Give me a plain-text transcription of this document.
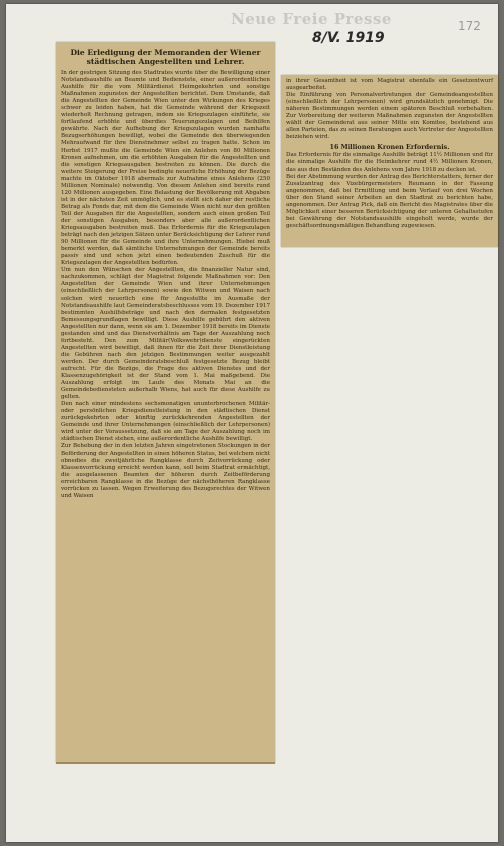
Neue Freie Presse
8/V. 1919
172
Die Erledigung der Memoranden der Wiener städtischen Angestellten und Lehrer.

In der gestrigen Sitzung des Stadtrates wurde über die Bewilligung einer Notstandsaushilfe an Beamte und Bedienstete, einer außerordentlichen Aushilfe für die vom Militärdienst Heimgekehrten und sonstige Maßnahmen zugunsten der Angestellten berichtet. Dem Umstande, daß die Angestellten der Gemeinde Wien unter den Wirkungen des Krieges schwer zu leiden haben, hat die Gemeinde während der Kriegszeit wiederholt Rechnung getragen, indem sie Kriegszulagen einführte, sie fortlaufend erhöhte und überdies Teuerungszulagen und Beihilfen gewährte. Nach der Aufhebung der Kriegszulagen wurden namhafte Bezugserhöhungen bewilligt, wobei die Gemeinde den überwiegenden Mehraufwand für ihre Dienstnehmer selbst zu tragen hatte. Schon im Herbst 1917 mußte die Gemeinde Wien ein Anlehen von 80 Millionen Kronen aufnehmen, um die erhöhten Ausgaben für die Angestellten und die sonstigen Kriegsausgaben bestreiten zu können. Die durch die weitere Steigerung der Preise bedingte neuerliche Erhöhung der Bezüge machte im Oktober 1918 abermals zur Aufnahme eines Anlehens (250 Millionen Nominale) notwendig. Von diesem Anlehen sind bereits rund 120 Millionen ausgegeben. Eine Belastung der Bevölkerung mit Abgaben ist in der nächsten Zeit unmöglich, und es stellt sich daher der restliche Betrag als Fonds dar, mit dem die Gemeinde Wien nicht nur den größten Teil der Ausgaben für die Angestellten, sondern auch einen großen Teil der sonstigen Ausgaben, besonders aber alle außerordentlichen Kriegsausgaben bestreiten muß. Das Erfordernis für die Kriegszulagen beträgt nach den jetzigen Sätzen unter Berücksichtigung der Lehrer rund 90 Millionen für die Gemeinde und ihre Unternehmungen. Hiebei muß bemerkt werden, daß sämtliche Unternehmungen der Gemeinde bereits passiv sind und schon jetzt einen bedeutenden Zuschuß für die Kriegszulagen der Angestellten bedürfen.
Um nun den Wünschen der Angestellten, die finanzieller Natur sind, nachzukommen, schlägt der Magistrat folgende Maßnahmen vor: Den Angestellten der Gemeinde Wien und ihrer Unternehmungen (einschließlich der Lehrpersonen) sowie den Witwen und Waisen nach solchen wird neuerlich eine für Angestellte im Ausmaße der Notstandsaushilfe laut Gemeinderatsbeschlusses vom 19. Dezember 1917 bestimmten Aushilfsbeträge und nach den dermalen festgesetzten Bemessungsgrundlagen bewilligt. Diese Aushilfe gebührt den aktiven Angestellten nur dann, wenn sie am 1. Dezember 1918 bereits im Dienste gestanden sind und das Dienstverhältnis am Tage der Auszahlung noch fortbesteht. Den zum Militär(Volkswehr)dienste eingerückten Angestellten wird bewilligt, daß ihnen für die Zeit ihrer Dienstleistung die Gebühren nach den jetzigen Bestimmungen weiter ausgezahlt werden. Der durch Gemeinderatsbeschluß festgesetzte Bezug bleibt aufrecht. Für die Bezüge, die Frage des aktiven Dienstes und der Klassenzugehörigkeit ist der Stand vom 1. Mai maßgebend. Die Auszahlung erfolgt im Laufe des Monats Mai an die Gemeindebediensteten außerhalb Wiens, hat auch für diese Aushilfe zu gelten.
Den nach einer mindestens sechsmonatigen ununterbrochenen Militär- oder persönlichen Kriegsdienstleistung in den städtischen Dienst zurückgekehrten oder künftig zurückkehrenden Angestellten der Gemeinde und ihrer Unternehmungen (einschließlich der Lehrpersonen) wird unter der Voraussetzung, daß sie am Tage der Auszahlung noch im städtischen Dienst stehen, eine außerordentliche Aushilfe bewilligt.
Zur Behebung der in den letzten Jahren eingetretenen Stockungen in der Beförderung der Angestellten in einen höheren Status, bei welchem nicht obnedies die zweitjährliche Rangklasse durch Zeitvorrückung oder Klassenvorrückung erreicht werden kann, soll beim Stadtrat ermächtigt, die ausgelassenen Beamten der höheren durch Zeitbeförderung erreichbaren Rangklasse in die Bezüge der nächsthöheren Rangklasse vorrücken zu lassen. Wegen Erweiterung des Bezugsrechtes der Witwen und Waisen

in ihrer Gesamtheit ist vom Magistrat ebenfalls ein Gesetzentwurf ausgearbeitet.
Die Einführung von Personalvertretungen der Gemeindeangestellten (einschließlich der Lehrpersonen) wird grundsätzlich genehmigt. Die näheren Bestimmungen werden einem späteren Beschluß vorbehalten. Zur Vorbereitung der weiteren Maßnahmen zugunsten der Angestellten wählt der Gemeinderat aus seiner Mitte ein Komitee, bestehend aus allen Parteien, das zu seinen Beratungen auch Vertreter der Angestellten beiziehen wird.

16 Millionen Kronen Erfordernis.

Das Erfordernis für die einmalige Aushilfe beträgt 11½ Millionen und für die einmalige Aushilfe für die Heimkehrer rund 4½ Millionen Kronen, das aus den Beständen des Anlehens vom Jahre 1918 zu decken ist.
Bei der Abstimmung wurden der Antrag des Berichterstatters, ferner der Zusatzantrag des Vizebürgermeisters Reumann in der Fassung angenommen, daß bei Ermittlung und beim Verlauf von drei Wochen über den Stand seiner Arbeiten an den Stadtrat zu berichten habe, angenommen. Der Antrag Pick, daß ein Bericht des Magistrates über die Möglichkeit einer besseren Berücksichtigung der unteren Gehaltsstufen bei Gewährung der Notstandsaushilfe eingeholt werde, wurde der geschäftsordnungsmäßigen Behandlung zugewiesen.
